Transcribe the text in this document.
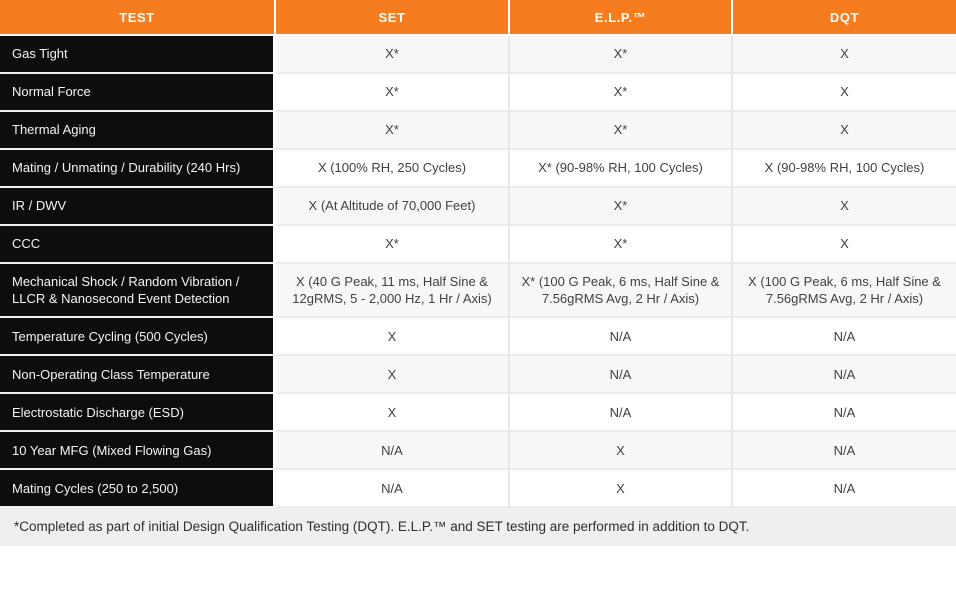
TEST	SET	E.L.P.™	DQT
Gas Tight	X*	X*	X
Normal Force	X*	X*	X
Thermal Aging	X*	X*	X
Mating / Unmating / Durability (240 Hrs)	X (100% RH, 250 Cycles)	X* (90-98% RH, 100 Cycles)	X (90-98% RH, 100 Cycles)
IR / DWV	X (At Altitude of 70,000 Feet)	X*	X
CCC	X*	X*	X
Mechanical Shock / Random Vibration / LLCR & Nanosecond Event Detection	X (40 G Peak, 11 ms, Half Sine & 12gRMS, 5 - 2,000 Hz, 1 Hr / Axis)	X* (100 G Peak, 6 ms, Half Sine & 7.56gRMS Avg, 2 Hr / Axis)	X (100 G Peak, 6 ms, Half Sine & 7.56gRMS Avg, 2 Hr / Axis)
Temperature Cycling (500 Cycles)	X	N/A	N/A
Non-Operating Class Temperature	X	N/A	N/A
Electrostatic Discharge (ESD)	X	N/A	N/A
10 Year MFG (Mixed Flowing Gas)	N/A	X	N/A
Mating Cycles (250 to 2,500)	N/A	X	N/A
*Completed as part of initial Design Qualification Testing (DQT). E.L.P.™ and SET testing are performed in addition to DQT.			
